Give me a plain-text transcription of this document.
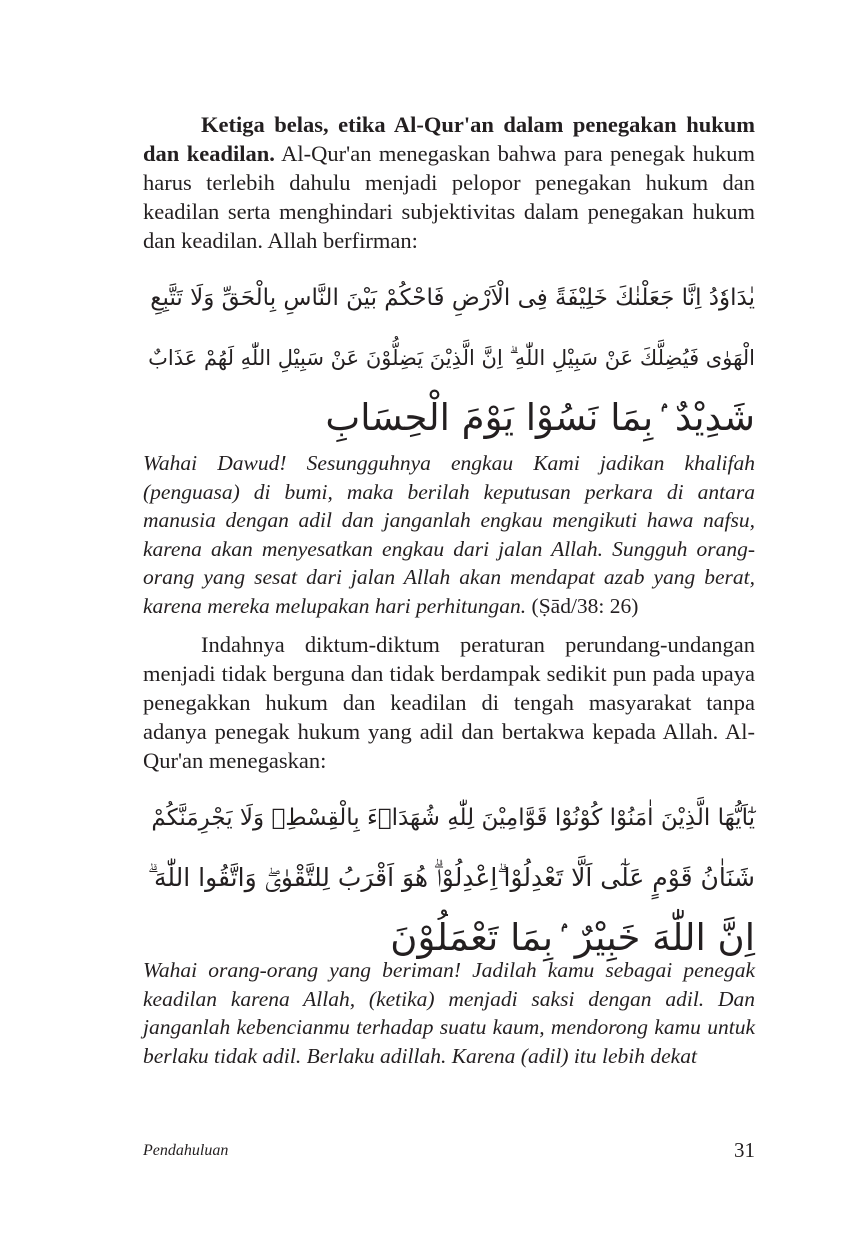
Ketiga belas, etika Al-Qur'an dalam penegakan hukum dan keadilan. Al-Qur'an menegaskan bahwa para penegak hukum harus terlebih dahulu menjadi pelopor penegakan hukum dan keadilan serta menghindari subjektivitas dalam penegakan hukum dan keadilan. Allah berfirman:

يٰدَاوٗدُ اِنَّا جَعَلْنٰكَ خَلِيْفَةً فِى الْاَرْضِ فَاحْكُمْ بَيْنَ النَّاسِ بِالْحَقِّ وَلَا تَتَّبِعِ
الْهَوٰى فَيُضِلَّكَ عَنْ سَبِيْلِ اللّٰهِ ۗ اِنَّ الَّذِيْنَ يَضِلُّوْنَ عَنْ سَبِيْلِ اللّٰهِ لَهُمْ عَذَابٌ
شَدِيْدٌ ۢبِمَا نَسُوْا يَوْمَ الْحِسَابِ

Wahai Dawud! Sesungguhnya engkau Kami jadikan khalifah (penguasa) di bumi, maka berilah keputusan perkara di antara manusia dengan adil dan janganlah engkau mengikuti hawa nafsu, karena akan menyesatkan engkau dari jalan Allah. Sungguh orang-orang yang sesat dari jalan Allah akan mendapat azab yang berat, karena mereka melupakan hari perhitungan. (Ṣād/38: 26)

Indahnya diktum-diktum peraturan perundang-undangan menjadi tidak berguna dan tidak berdampak sedikit pun pada upaya penegakkan hukum dan keadilan di tengah masyarakat tanpa adanya penegak hukum yang adil dan bertakwa kepada Allah. Al-Qur'an menegaskan:

يٰٓاَيُّهَا الَّذِيْنَ اٰمَنُوْا كُوْنُوْا قَوَّامِيْنَ لِلّٰهِ شُهَدَاۤءَ بِالْقِسْطِۖ وَلَا يَجْرِمَنَّكُمْ
شَنَاٰنُ قَوْمٍ عَلٰٓى اَلَّا تَعْدِلُوْا ۗاِعْدِلُوْاۗ هُوَ اَقْرَبُ لِلتَّقْوٰىۖ وَاتَّقُوا اللّٰهَ ۗ
اِنَّ اللّٰهَ خَبِيْرٌ ۢبِمَا تَعْمَلُوْنَ

Wahai orang-orang yang beriman! Jadilah kamu sebagai penegak keadilan karena Allah, (ketika) menjadi saksi dengan adil. Dan janganlah kebencianmu terhadap suatu kaum, mendorong kamu untuk berlaku tidak adil. Berlaku adillah. Karena (adil) itu lebih dekat

Pendahuluan	31
